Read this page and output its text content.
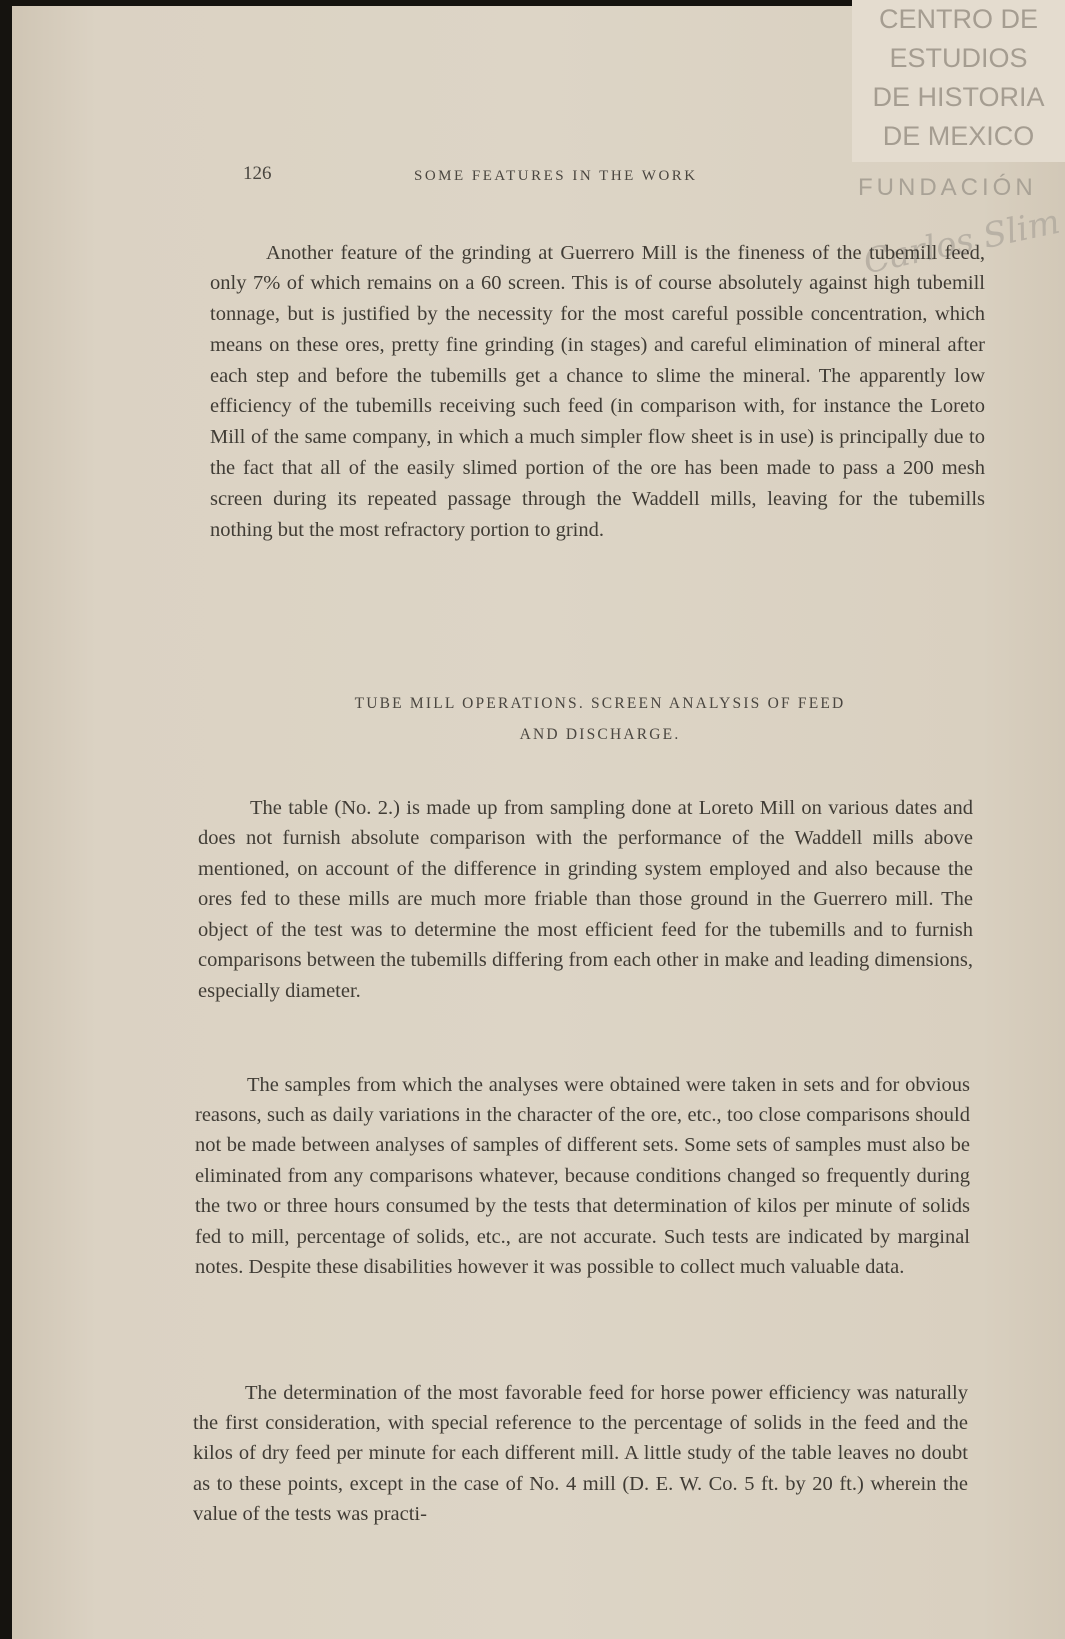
CENTRO DE
ESTUDIOS
DE HISTORIA
DE MEXICO
FUNDACIÓN
Carlos Slim
126	SOME FEATURES IN THE WORK

Another feature of the grinding at Guerrero Mill is the fineness of the tubemill feed, only 7% of which remains on a 60 screen. This is of course absolutely against high tubemill tonnage, but is justified by the necessity for the most careful possible concentration, which means on these ores, pretty fine grinding (in stages) and careful elimination of mineral after each step and before the tubemills get a chance to slime the mineral. The apparently low efficiency of the tubemills receiving such feed (in comparison with, for instance the Loreto Mill of the same company, in which a much simpler flow sheet is in use) is principally due to the fact that all of the easily slimed portion of the ore has been made to pass a 200 mesh screen during its repeated passage through the Waddell mills, leaving for the tubemills nothing but the most refractory portion to grind.

TUBE MILL OPERATIONS. SCREEN ANALYSIS OF FEED
AND DISCHARGE.

The table (No. 2.) is made up from sampling done at Loreto Mill on various dates and does not furnish absolute comparison with the performance of the Waddell mills above mentioned, on account of the difference in grinding system employed and also because the ores fed to these mills are much more friable than those ground in the Guerrero mill. The object of the test was to determine the most efficient feed for the tubemills and to furnish comparisons between the tubemills differing from each other in make and leading dimensions, especially diameter.

The samples from which the analyses were obtained were taken in sets and for obvious reasons, such as daily variations in the character of the ore, etc., too close comparisons should not be made between analyses of samples of different sets. Some sets of samples must also be eliminated from any comparisons whatever, because conditions changed so frequently during the two or three hours consumed by the tests that determination of kilos per minute of solids fed to mill, percentage of solids, etc., are not accurate. Such tests are indicated by marginal notes. Despite these disabilities however it was possible to collect much valuable data.

The determination of the most favorable feed for horse power efficiency was naturally the first consideration, with special reference to the percentage of solids in the feed and the kilos of dry feed per minute for each different mill. A little study of the table leaves no doubt as to these points, except in the case of No. 4 mill (D. E. W. Co. 5 ft. by 20 ft.) wherein the value of the tests was practi-
